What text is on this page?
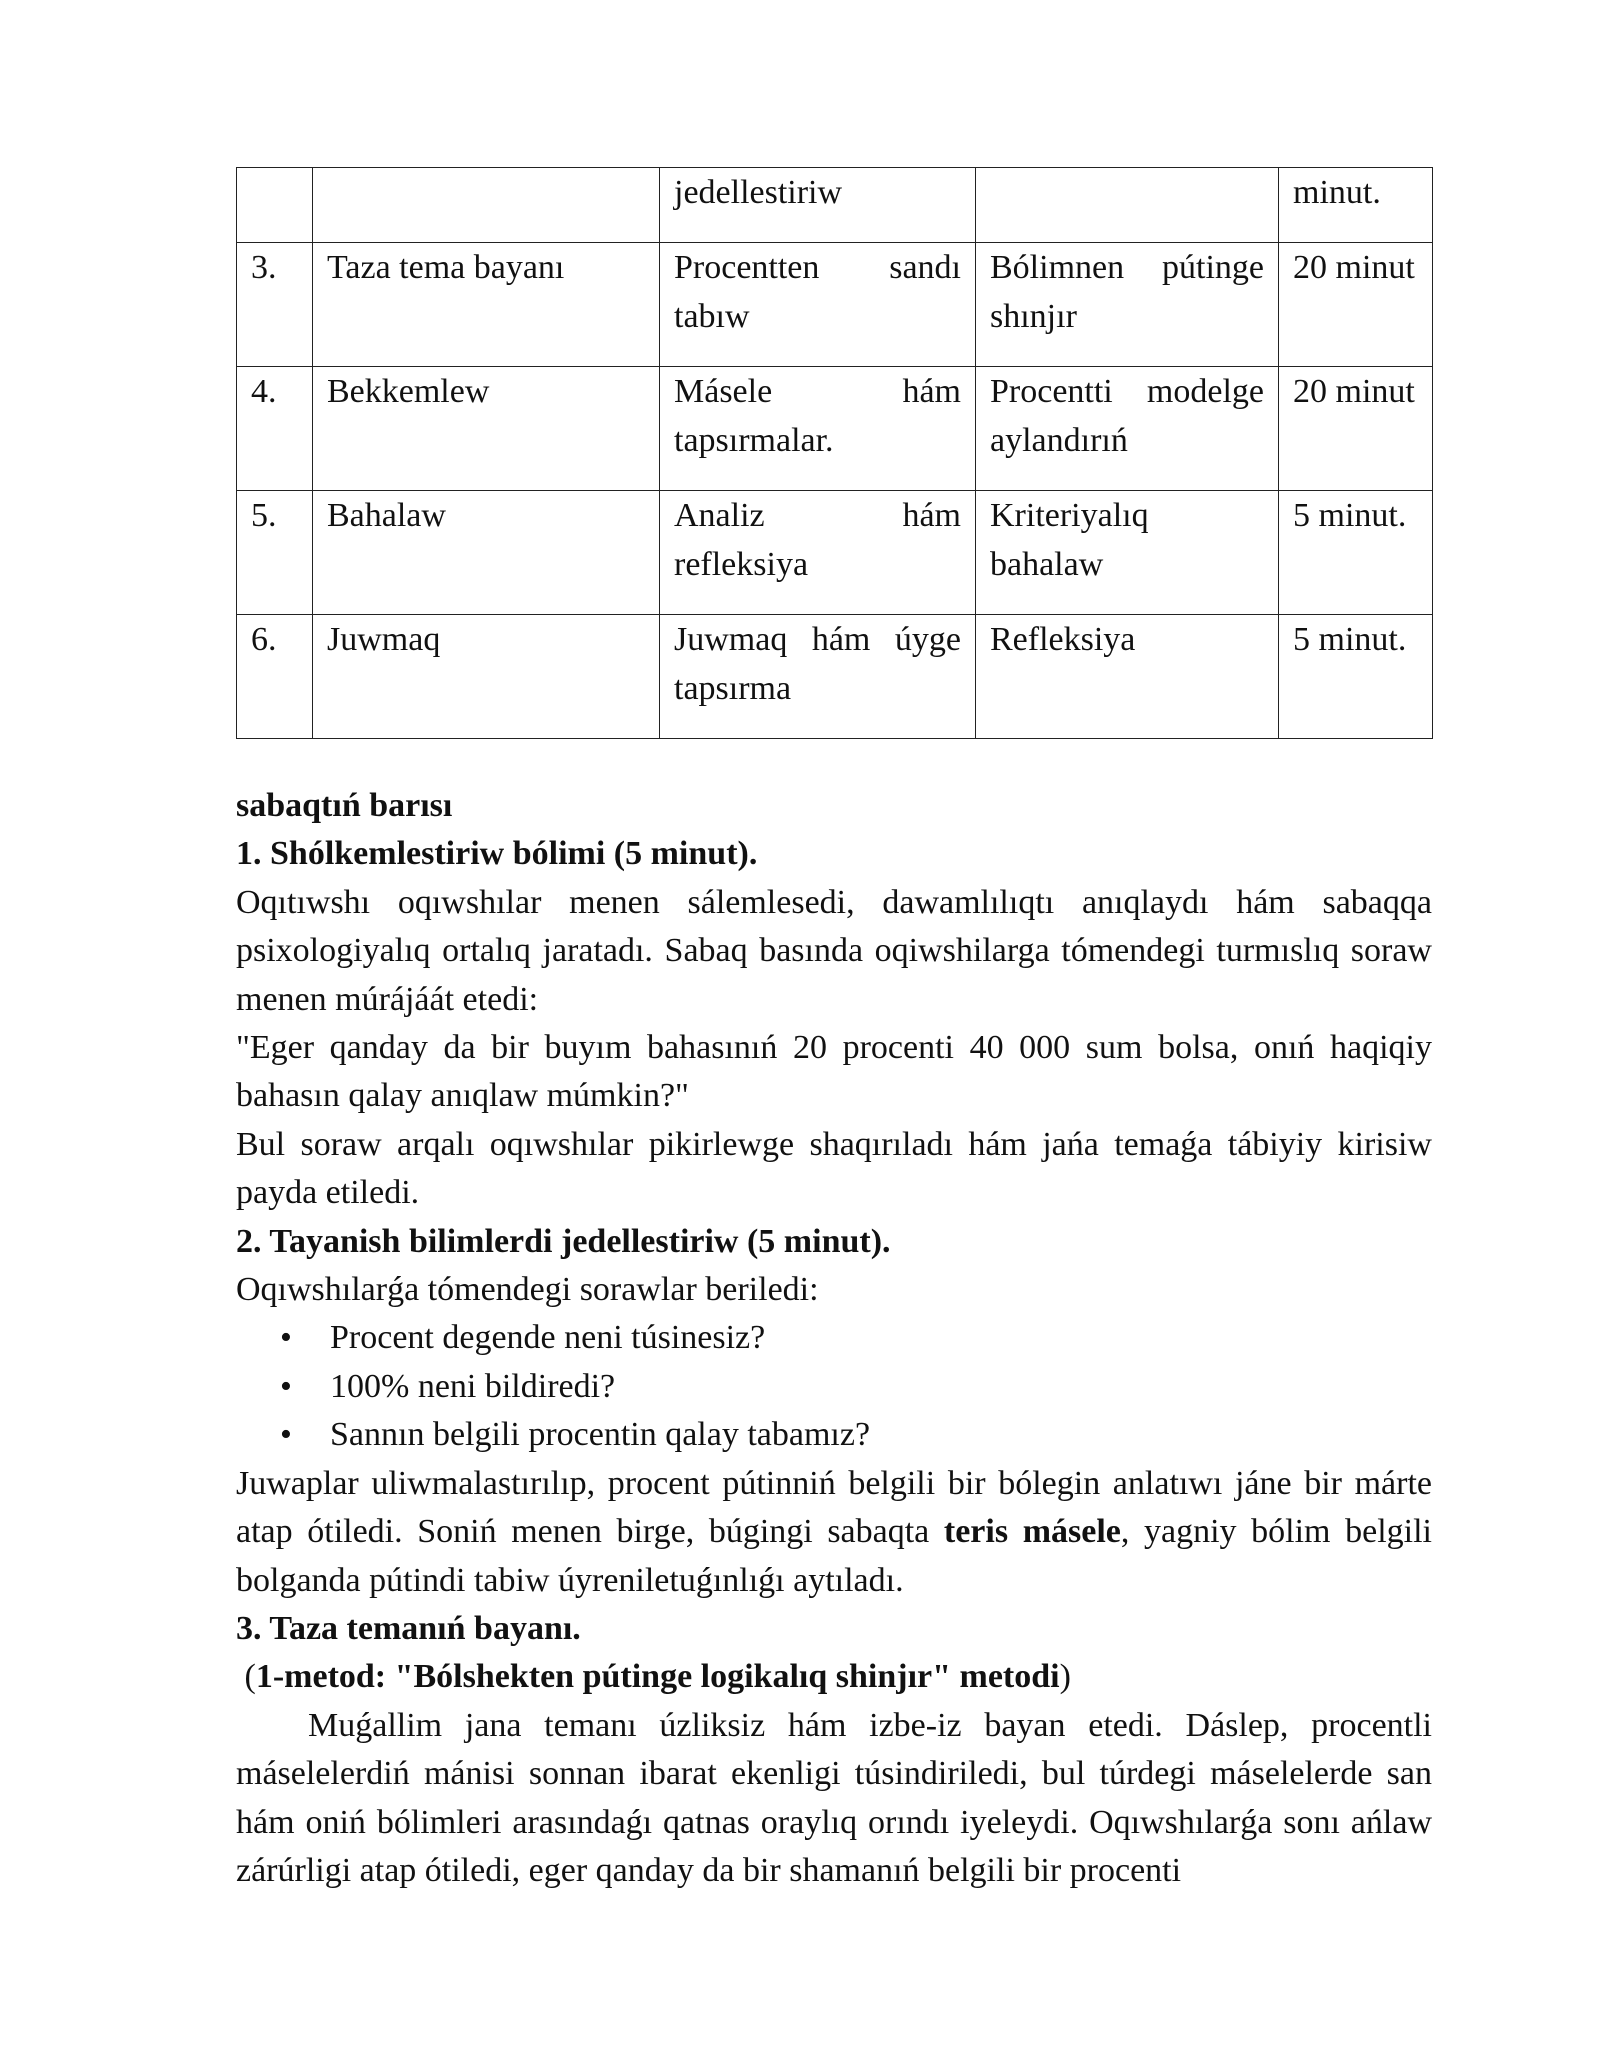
		jedellestiriw		minut.
3.	Taza tema bayanı	Procentten sandı tabıw	Bólimnen pútinge shınjır	20 minut
4.	Bekkemlew	Másele hám tapsırmalar.	Procentti modelge aylandırıń	20 minut
5.	Bahalaw	Analiz hám refleksiya	Kriteriyalıq bahalaw	5 minut.
6.	Juwmaq	Juwmaq hám úyge tapsırma	Refleksiya	5 minut.

sabaqtıń barısı

1. Shólkemlestiriw bólimi (5 minut).

Oqıtıwshı oqıwshılar menen sálemlesedi, dawamlılıqtı anıqlaydı hám sabaqqa psixologiyalıq ortalıq jaratadı. Sabaq basında oqiwshilarga tómendegi turmıslıq soraw menen múrájáát etedi:

"Eger qanday da bir buyım bahasınıń 20 procenti 40 000 sum bolsa, onıń haqiqiy bahasın qalay anıqlaw múmkin?"

Bul soraw arqalı oqıwshılar pikirlewge shaqırıladı hám jańa temaǵa tábiyiy kirisiw payda etiledi.

2. Tayanish bilimlerdi jedellestiriw (5 minut).

Oqıwshılarǵa tómendegi sorawlar beriledi:

• Procent degende neni túsinesiz?
• 100% neni bildiredi?
• Sannın belgili procentin qalay tabamız?

Juwaplar uliwmalastırılıp, procent pútinniń belgili bir bólegin anlatıwı jáne bir márte atap ótiledi. Soniń menen birge, búgingi sabaqta teris másele, yagniy bólim belgili bolganda pútindi tabiw úyreniletuǵınlıǵı aytıladı.

3. Taza temanıń bayanı.

(1-metod: "Bólshekten pútinge logikalıq shinjır" metodi)

Muǵallim jana temanı úzliksiz hám izbe-iz bayan etedi. Dáslep, procentli máselelerdiń mánisi sonnan ibarat ekenligi túsindiriledi, bul túrdegi máselelerde san hám oniń bólimleri arasındaǵı qatnas oraylıq orındı iyeleydi. Oqıwshılarǵa sonı ańlaw zárúrligi atap ótiledi, eger qanday da bir shamanıń belgili bir procenti
